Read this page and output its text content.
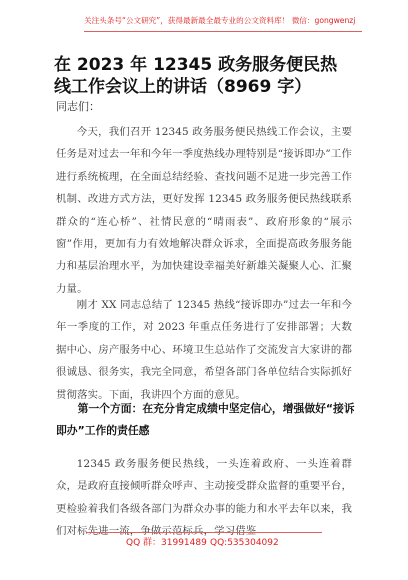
关注头条号“公文研究”，获得最新最全最专业的公文资料库！ 微信：gongwenzj
在 2023 年 12345 政务服务便民热线工作会议上的讲话（8969 字）
同志们：

今天，我们召开 12345 政务服务便民热线工作会议，主要任务是对过去一年和今年一季度热线办理特别是“接诉即办”工作进行系统梳理，在全面总结经验、查找问题不足进一步完善工作机制、改进方式方法，更好发挥 12345 政务服务便民热线联系群众的“连心桥”、社情民意的“晴雨表”、政府形象的“展示窗”作用，更加有力有效地解决群众诉求，全面提高政务服务能力和基层治理水平，为加快建设幸福美好新雄关凝聚人心、汇聚力量。

刚才 XX 同志总结了 12345 热线“接诉即办”过去一年和今年一季度的工作，对 2023 年重点任务进行了安排部署；大数据中心、房产服务中心、环境卫生总站作了交流发言大家讲的都很诚恳、很务实，我完全同意，希望各部门各单位结合实际抓好贯彻落实。下面，我讲四个方面的意见。

第一个方面：在充分肯定成绩中坚定信心，增强做好“接诉即办”工作的责任感

12345 政务服务便民热线，一头连着政府、一头连着群众，是政府直接倾听群众呼声、主动接受群众监督的重要平台，更检验着我们各级各部门为群众办事的能力和水平去年以来，我们对标先进一流，争做示范标兵，学习借鉴

QQ 群：31991489 QQ:535304092
